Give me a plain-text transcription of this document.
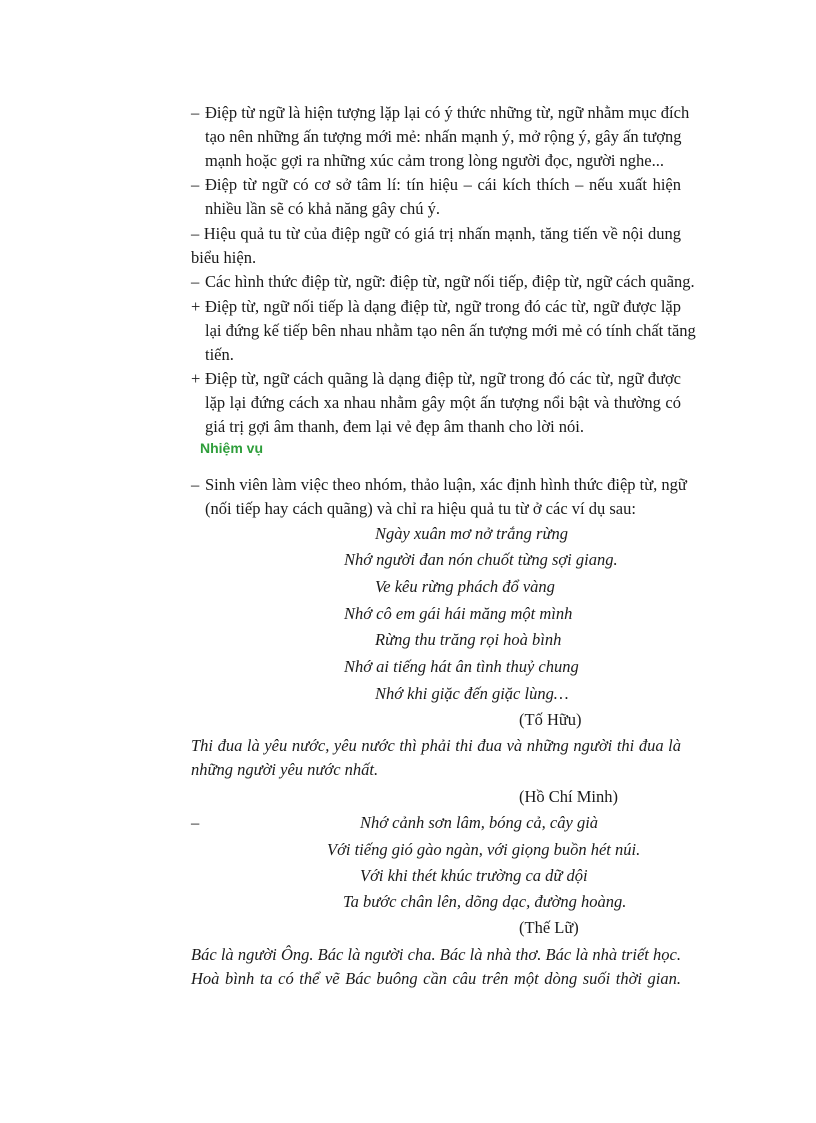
– Điệp từ ngữ là hiện tượng lặp lại có ý thức những từ, ngữ nhằm mục đích
tạo nên những ấn tượng mới mẻ: nhấn mạnh ý, mở rộng ý, gây ấn tượng
mạnh hoặc gợi ra những xúc cảm trong lòng người đọc, người nghe...
– Điệp từ ngữ có cơ sở tâm lí: tín hiệu – cái kích thích – nếu xuất hiện
nhiều lần sẽ có khả năng gây chú ý.
– Hiệu quả tu từ của điệp ngữ có giá trị nhấn mạnh, tăng tiến về nội dung
biểu hiện.
– Các hình thức điệp từ, ngữ: điệp từ, ngữ nối tiếp, điệp từ, ngữ cách quãng.
+ Điệp từ, ngữ nối tiếp là dạng điệp từ, ngữ trong đó các từ, ngữ được lặp
lại đứng kế tiếp bên nhau nhằm tạo nên ấn tượng mới mẻ có tính chất tăng
tiến.
+ Điệp từ, ngữ cách quãng là dạng điệp từ, ngữ trong đó các từ, ngữ được
lặp lại đứng cách xa nhau nhằm gây một ấn tượng nổi bật và thường có
giá trị gợi âm thanh, đem lại vẻ đẹp âm thanh cho lời nói.
Nhiệm vụ
– Sinh viên làm việc theo nhóm, thảo luận, xác định hình thức điệp từ, ngữ
(nối tiếp hay cách quãng) và chỉ ra hiệu quả tu từ ở các ví dụ sau:
Ngày xuân mơ nở trắng rừng
Nhớ người đan nón chuốt từng sợi giang.
Ve kêu rừng phách đổ vàng
Nhớ cô em gái hái măng một mình
Rừng thu trăng rọi hoà bình
Nhớ ai tiếng hát ân tình thuỷ chung
Nhớ khi giặc đến giặc lùng…
(Tố Hữu)
Thi đua là yêu nước, yêu nước thì phải thi đua và những người thi đua là
những người yêu nước nhất.
(Hồ Chí Minh)
–	Nhớ cảnh sơn lâm, bóng cả, cây già
Với tiếng gió gào ngàn, với giọng buồn hét núi.
Với khi thét khúc trường ca dữ dội
Ta bước chân lên, dõng dạc, đường hoàng.
(Thế Lữ)
Bác là người Ông. Bác là người cha. Bác là nhà thơ. Bác là nhà triết học.
Hoà bình ta có thể vẽ Bác buông cần câu trên một dòng suối thời gian.
